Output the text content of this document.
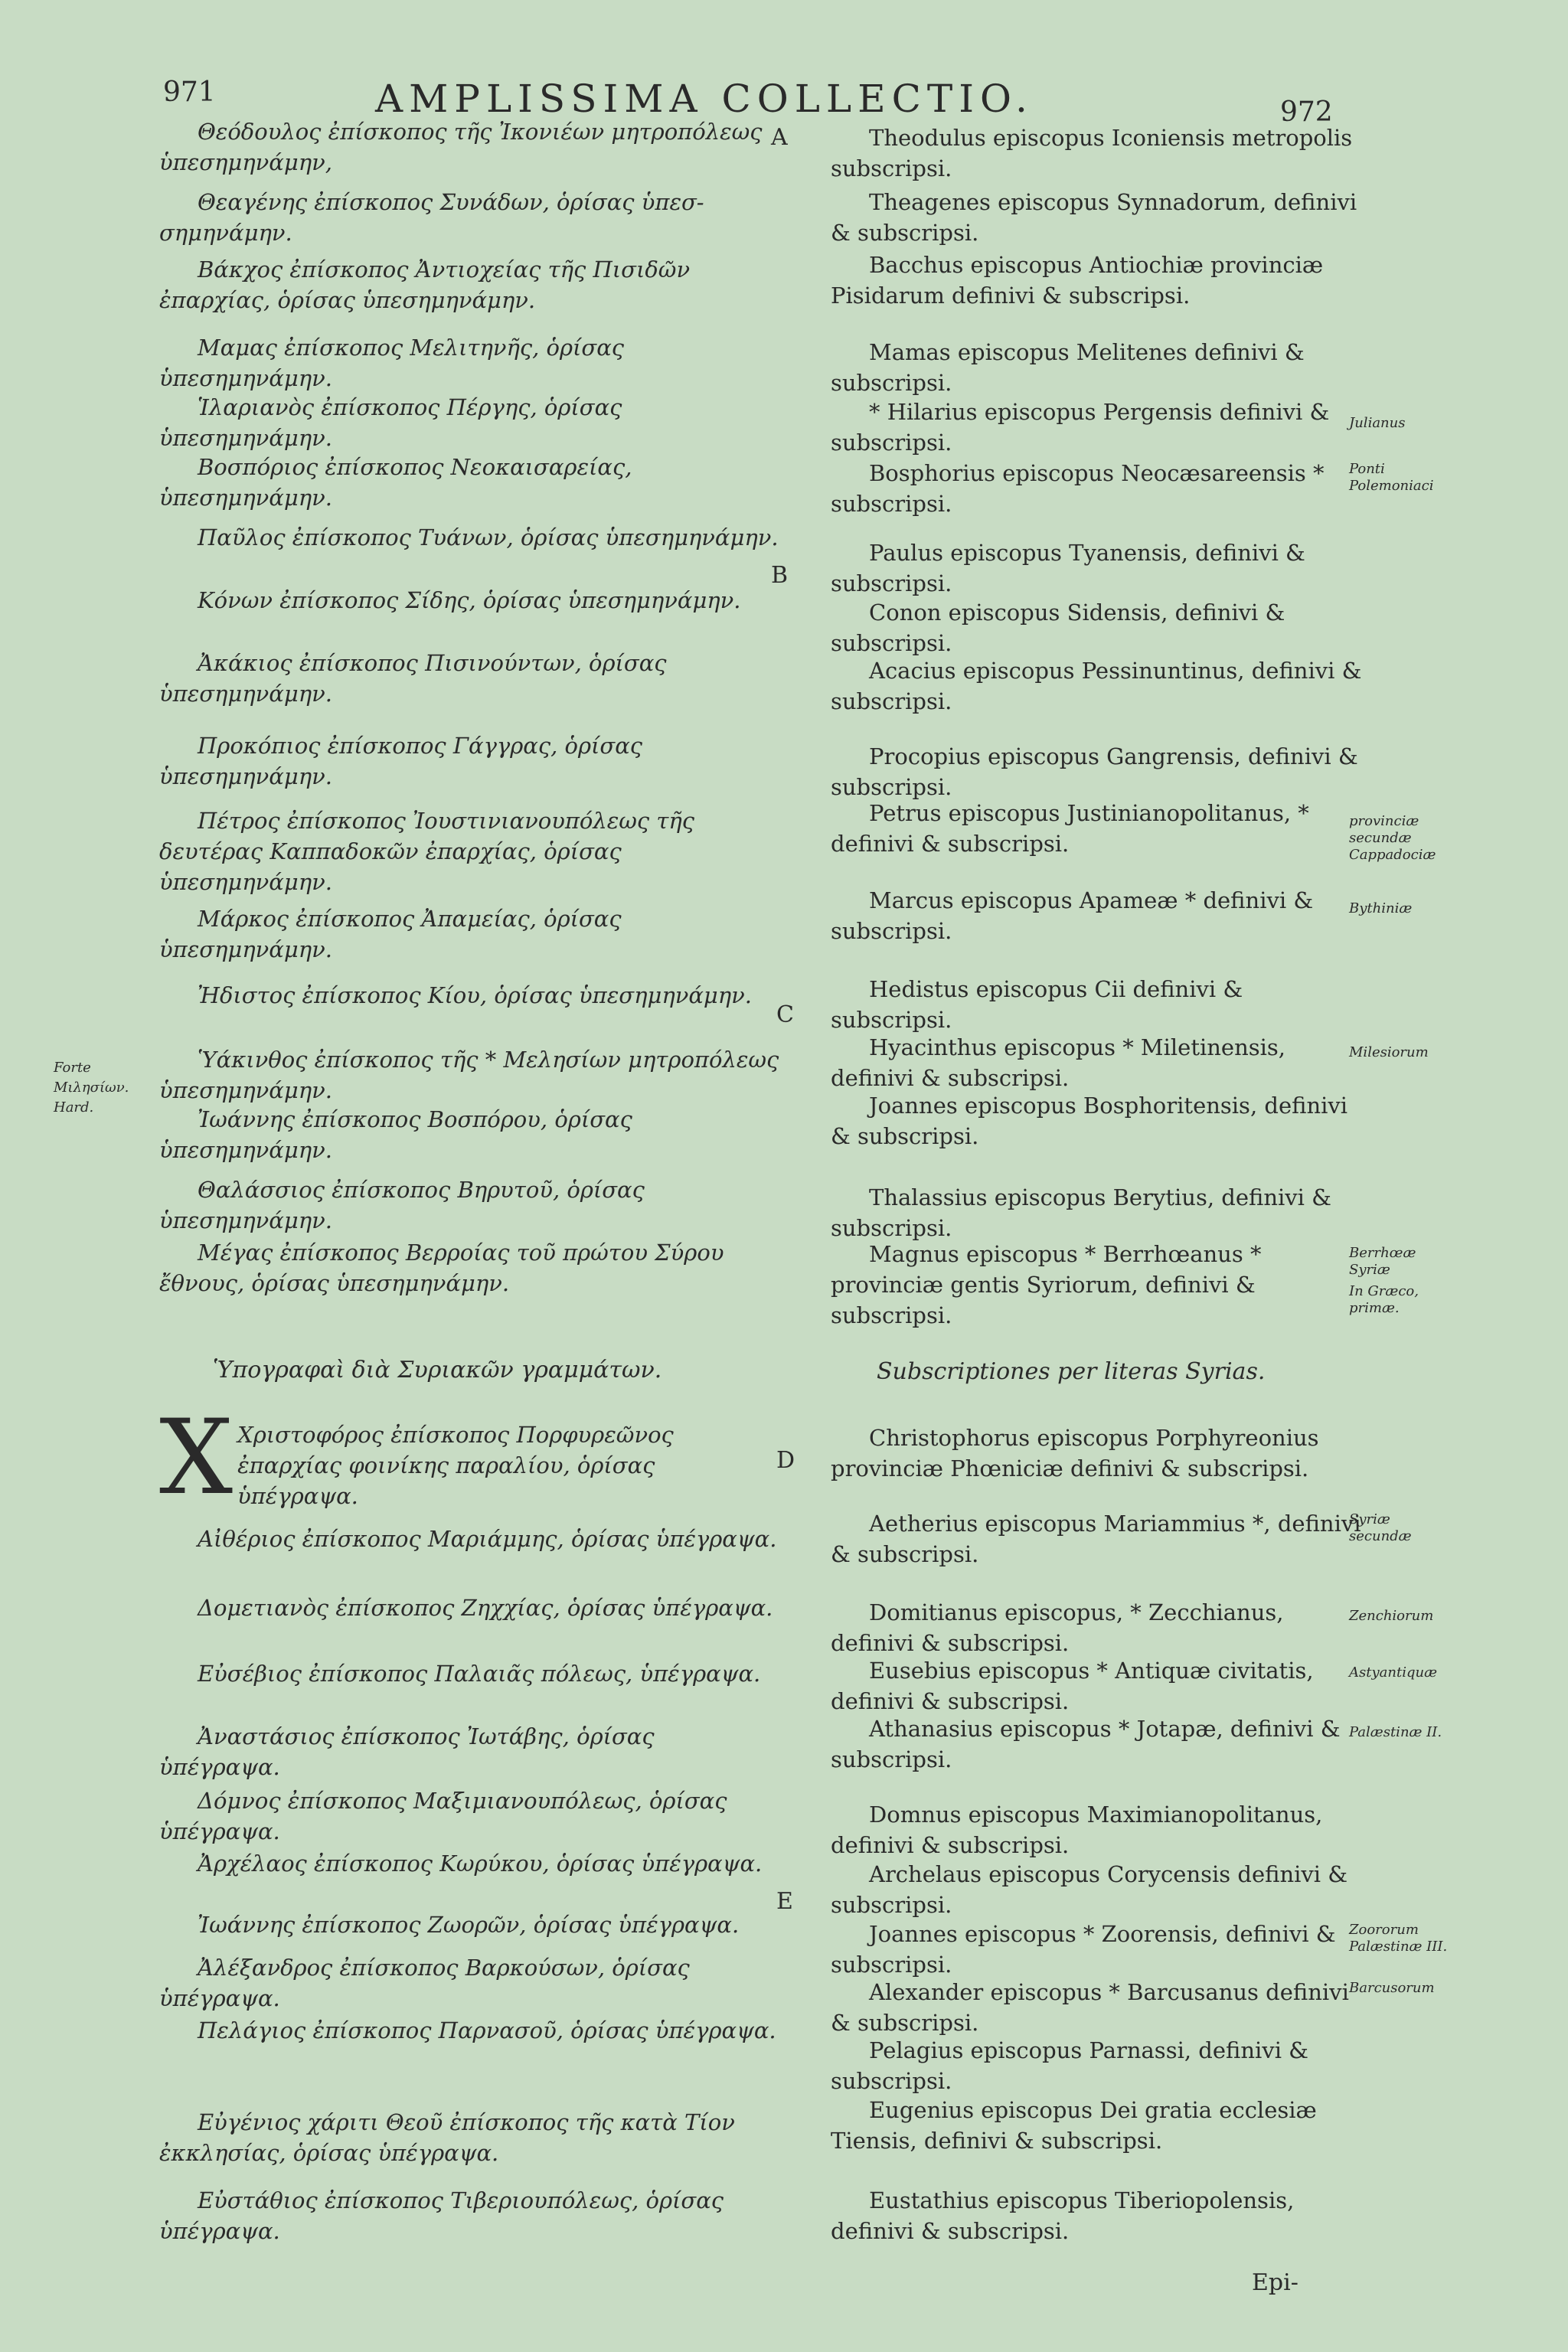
971	AMPLISSIMA COLLECTIO.	972
A
B
C
D
E
Θεόδουλος ἐπίσκοπος τῆς Ἰκονιέων μητροπόλεως ὑπεσημηνάμην,
Θεαγένης ἐπίσκοπος Συνάδων, ὁρίσας ὑπεσ-σημηνάμην.
Βάκχος ἐπίσκοπος Ἀντιοχείας τῆς Πισιδῶν ἐπαρχίας, ὁρίσας ὑπεσημηνάμην.
Μαμας ἐπίσκοπος Μελιτηνῆς, ὁρίσας ὑπεσημηνάμην.
Ἱλαριανὸς ἐπίσκοπος Πέργης, ὁρίσας ὑπεσημηνάμην.
Βοσπόριος ἐπίσκοπος Νεοκαισαρείας, ὑπεσημηνάμην.
Παῦλος ἐπίσκοπος Τυάνων, ὁρίσας ὑπεσημηνάμην.
Κόνων ἐπίσκοπος Σίδης, ὁρίσας ὑπεσημηνάμην.
Ἀκάκιος ἐπίσκοπος Πισινούντων, ὁρίσας ὑπεσημηνάμην.
Προκόπιος ἐπίσκοπος Γάγγρας, ὁρίσας ὑπεσημηνάμην.
Πέτρος ἐπίσκοπος Ἰουστινιανουπόλεως τῆς δευτέρας Καππαδοκῶν ἐπαρχίας, ὁρίσας ὑπεσημηνάμην.
Μάρκος ἐπίσκοπος Ἀπαμείας, ὁρίσας ὑπεσημηνάμην.
Ἠδιστος ἐπίσκοπος Κίου, ὁρίσας ὑπεσημηνάμην.
Ὑάκινθος ἐπίσκοπος τῆς * Μελησίων μητροπόλεως ὑπεσημηνάμην.
Ἰωάννης ἐπίσκοπος Βοσπόρου, ὁρίσας ὑπεσημηνάμην.
Θαλάσσιος ἐπίσκοπος Βηρυτοῦ, ὁρίσας ὑπεσημηνάμην.
Μέγας ἐπίσκοπος Βερροίας τοῦ πρώτου Σύρου ἔθνους, ὁρίσας ὑπεσημηνάμην.
Ὑπογραφαὶ διὰ Συριακῶν γραμμάτων.
Χ Χριστοφόρος ἐπίσκοπος Πορφυρεῶνος ἐπαρχίας φοινίκης παραλίου, ὁρίσας ὑπέγραψα.
Αἰθέριος ἐπίσκοπος Μαριάμμης, ὁρίσας ὑπέγραψα.
Δομετιανὸς ἐπίσκοπος Ζηχχίας, ὁρίσας ὑπέγραψα.
Εὐσέβιος ἐπίσκοπος Παλαιᾶς πόλεως, ὑπέγραψα.
Ἀναστάσιος ἐπίσκοπος Ἰωτάβης, ὁρίσας ὑπέγραψα.
Δόμνος ἐπίσκοπος Μαξιμιανουπόλεως, ὁρίσας ὑπέγραψα.
Ἀρχέλαος ἐπίσκοπος Κωρύκου, ὁρίσας ὑπέγραψα.
Ἰωάννης ἐπίσκοπος Ζωορῶν, ὁρίσας ὑπέγραψα.
Ἀλέξανδρος ἐπίσκοπος Βαρκούσων, ὁρίσας ὑπέγραψα.
Πελάγιος ἐπίσκοπος Παρνασοῦ, ὁρίσας ὑπέγραψα.
Εὐγένιος χάριτι Θεοῦ ἐπίσκοπος τῆς κατὰ Τίον ἐκκλησίας, ὁρίσας ὑπέγραψα.
Εὐστάθιος ἐπίσκοπος Τιβεριουπόλεως, ὁρίσας ὑπέγραψα.
Theodulus episcopus Iconiensis metropolis subscripsi.
Theagenes episcopus Synnadorum, definivi & subscripsi.
Bacchus episcopus Antiochiæ provinciæ Pisidarum definivi & subscripsi.
Mamas episcopus Melitenes definivi & subscripsi.
* Hilarius episcopus Pergensis definivi & subscripsi.
Bosphorius episcopus Neocæsareensis * subscripsi.
Paulus episcopus Tyanensis, definivi & subscripsi.
Conon episcopus Sidensis, definivi & subscripsi.
Acacius episcopus Pessinuntinus, definivi & subscripsi.
Procopius episcopus Gangrensis, definivi & subscripsi.
Petrus episcopus Justinianopolitanus, * definivi & subscripsi.
Marcus episcopus Apameæ * definivi & subscripsi.
Hedistus episcopus Cii definivi & subscripsi.
Hyacinthus episcopus * Miletinensis, definivi & subscripsi.
Joannes episcopus Bosphoritensis, definivi & subscripsi.
Thalassius episcopus Berytius, definivi & subscripsi.
Magnus episcopus * Berrhœanus * provinciæ gentis Syriorum, definivi & subscripsi.
Subscriptiones per literas Syrias.
Christophorus episcopus Porphyreonius provinciæ Phœniciæ definivi & subscripsi.
Aetherius episcopus Mariammius *, definivi & subscripsi.
Domitianus episcopus, * Zecchianus, definivi & subscripsi.
Eusebius episcopus * Antiquæ civitatis, definivi & subscripsi.
Athanasius episcopus * Jotapæ, definivi & subscripsi.
Domnus episcopus Maximianopolitanus, definivi & subscripsi.
Archelaus episcopus Corycensis definivi & subscripsi.
Joannes episcopus * Zoorensis, definivi & subscripsi.
Alexander episcopus * Barcusanus definivi & subscripsi.
Pelagius episcopus Parnassi, definivi & subscripsi.
Eugenius episcopus Dei gratia ecclesiæ Tiensis, definivi & subscripsi.
Eustathius episcopus Tiberiopolensis, definivi & subscripsi.
Epi-
Forte Μιλησίων. Hard.
Julianus
Ponti Polemoniaci
provinciæ secundæ Cappadociæ
Bythiniæ
Milesiorum
Berrhœæ Syriæ
In Græco, primæ.
Syriæ secundæ
Zenchiorum
Astyantiquæ
Palæstinæ II.
Zoororum Palæstinæ III.
Barcusorum
